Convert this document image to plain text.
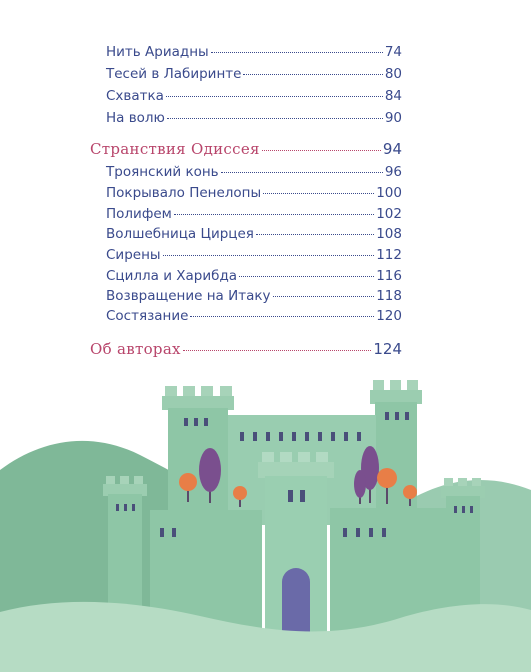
Нить Ариадны	74
Тесей в Лабиринте	80
Схватка	84
На волю	90
Странствия Одиссея	94
Троянский конь	96
Покрывало Пенелопы	100
Полифем	102
Волшебница Цирцея	108
Сирены	112
Сцилла и Харибда	116
Возвращение на Итаку	118
Состязание	120
Об авторах	124
